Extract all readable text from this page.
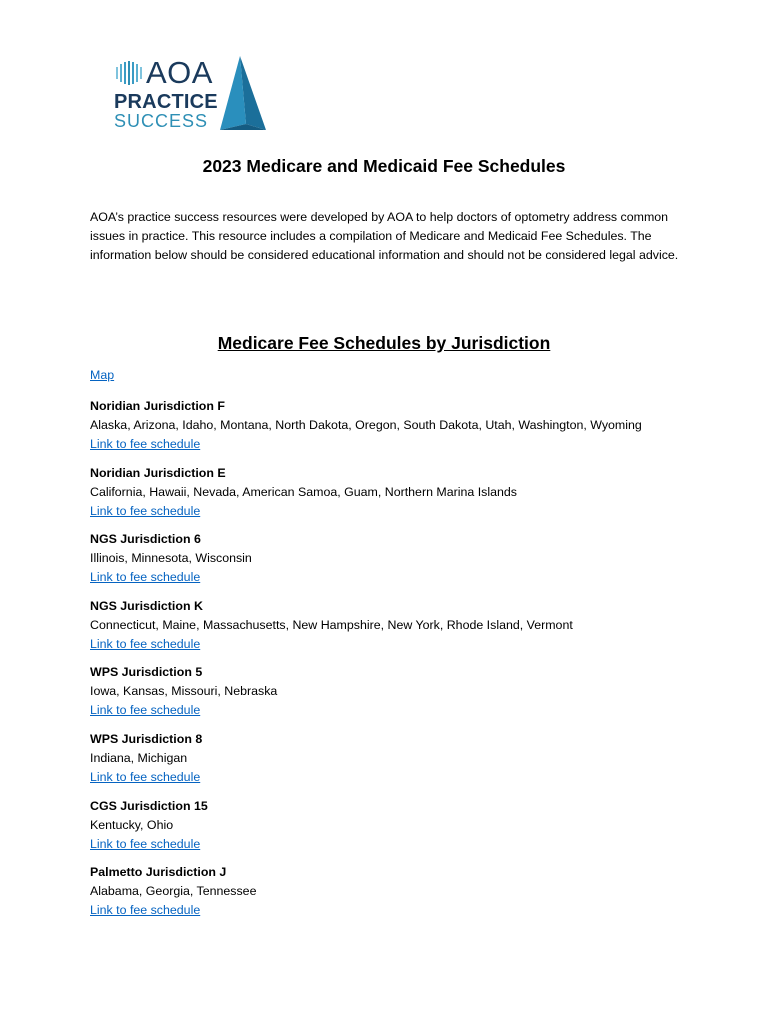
AOA
PRACTICE
SUCCESS
2023 Medicare and Medicaid Fee Schedules

AOA’s practice success resources were developed by AOA to help doctors of optometry address common issues in practice. This resource includes a compilation of Medicare and Medicaid Fee Schedules. The information below should be considered educational information and should not be considered legal advice.

Medicare Fee Schedules by Jurisdiction
Map
Noridian Jurisdiction F
Alaska, Arizona, Idaho, Montana, North Dakota, Oregon, South Dakota, Utah, Washington, Wyoming
Link to fee schedule
Noridian Jurisdiction E
California, Hawaii, Nevada, American Samoa, Guam, Northern Marina Islands
Link to fee schedule
NGS Jurisdiction 6
Illinois, Minnesota, Wisconsin
Link to fee schedule
NGS Jurisdiction K
Connecticut, Maine, Massachusetts, New Hampshire, New York, Rhode Island, Vermont
Link to fee schedule
WPS Jurisdiction 5
Iowa, Kansas, Missouri, Nebraska
Link to fee schedule
WPS Jurisdiction 8
Indiana, Michigan
Link to fee schedule
CGS Jurisdiction 15
Kentucky, Ohio
Link to fee schedule
Palmetto Jurisdiction J
Alabama, Georgia, Tennessee
Link to fee schedule
